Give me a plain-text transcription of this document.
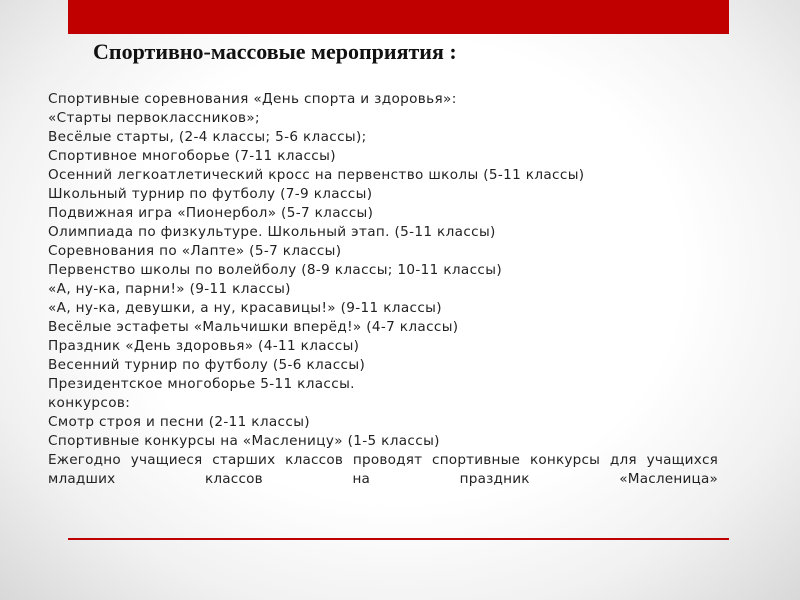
Спортивно-массовые мероприятия :
Спортивные соревнования «День спорта и здоровья»:
«Старты первоклассников»;
Весёлые старты, (2-4 классы; 5-6 классы);
Спортивное многоборье (7-11 классы)
Осенний легкоатлетический кросс на первенство школы (5-11 классы)
Школьный турнир по футболу (7-9 классы)
Подвижная игра «Пионербол» (5-7 классы)
Олимпиада по физкультуре. Школьный этап. (5-11 классы)
Соревнования по «Лапте» (5-7 классы)
Первенство школы по волейболу (8-9 классы; 10-11 классы)
«А, ну-ка, парни!» (9-11 классы)
«А, ну-ка, девушки, а ну, красавицы!» (9-11 классы)
Весёлые эстафеты «Мальчишки вперёд!» (4-7 классы)
Праздник «День здоровья» (4-11 классы)
Весенний турнир по футболу (5-6 классы)
Президентское многоборье 5-11 классы.
конкурсов:
Смотр строя и песни (2-11 классы)
Спортивные конкурсы на «Масленицу» (1-5 классы)
Ежегодно учащиеся старших классов проводят спортивные конкурсы для учащихся младших классов на праздник «Масленица»
